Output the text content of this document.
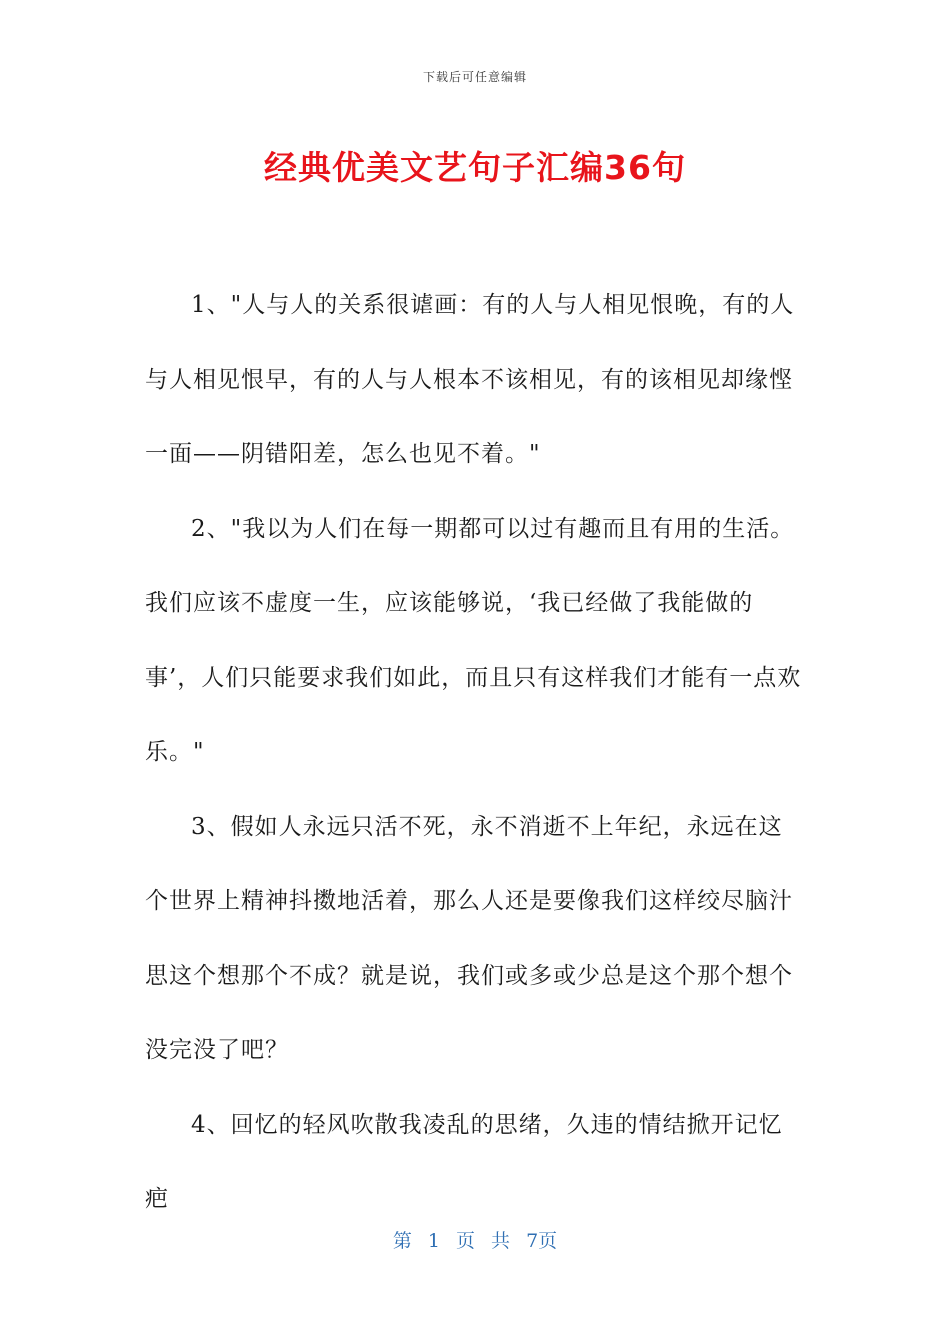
下载后可任意编辑
经典优美文艺句子汇编36句

1、"人与人的关系很谑画：有的人与人相见恨晚，有的人与人相见恨早，有的人与人根本不该相见，有的该相见却缘悭一面——阴错阳差，怎么也见不着。"

2、"我以为人们在每一期都可以过有趣而且有用的生活。我们应该不虚度一生，应该能够说，‘我已经做了我能做的事’，人们只能要求我们如此，而且只有这样我们才能有一点欢乐。"

3、假如人永远只活不死，永不消逝不上年纪，永远在这个世界上精神抖擞地活着，那么人还是要像我们这样绞尽脑汁思这个想那个不成？就是说，我们或多或少总是这个那个想个没完没了吧？

4、回忆的轻风吹散我凌乱的思绪，久违的情结掀开记忆疤

第 1 页 共 7页
